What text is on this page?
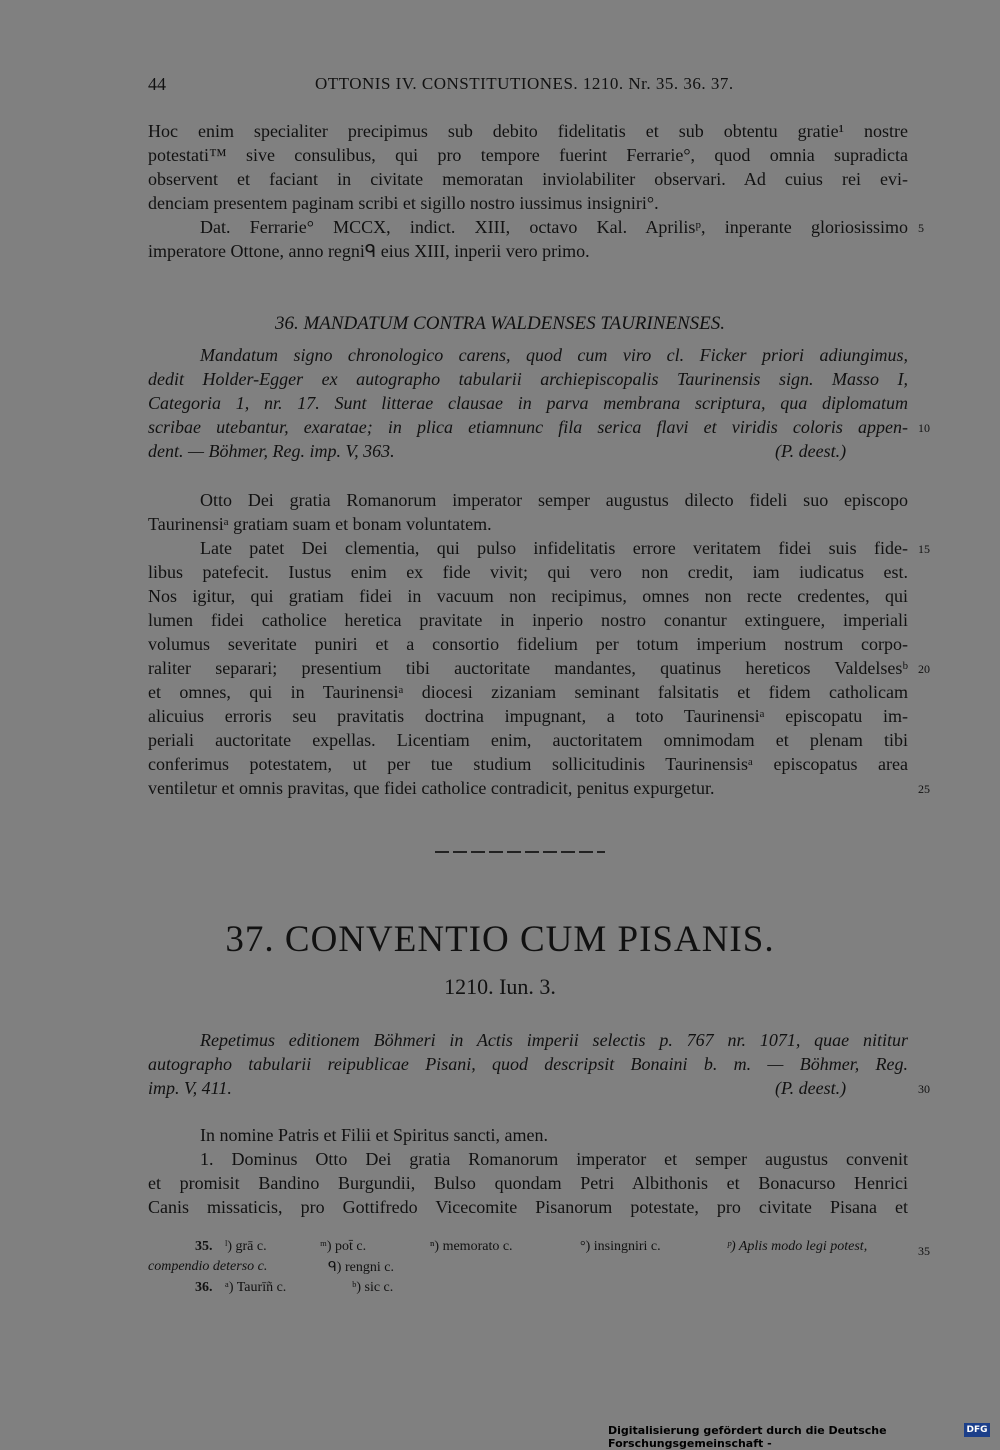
44	OTTONIS IV. CONSTITUTIONES. 1210. Nr. 35. 36. 37.
Hoc enim specialiter precipimus sub debito fidelitatis et sub obtentu gratie¹ nostre
potestati™ sive consulibus, qui pro tempore fuerint Ferrarie°, quod omnia supradicta
observent et faciant in civitate memoratan inviolabiliter observari. Ad cuius rei evi-
denciam presentem paginam scribi et sigillo nostro iussimus insigniri°.
Dat. Ferrarie° MCCX, indict. XIII, octavo Kal. Aprilisᵖ, inperante gloriosissimo
imperatore Ottone, anno regniᑫ eius XIII, inperii vero primo.
36. MANDATUM CONTRA WALDENSES TAURINENSES.
Mandatum signo chronologico carens, quod cum viro cl. Ficker priori adiungimus,
dedit Holder-Egger ex autographo tabularii archiepiscopalis Taurinensis sign. Masso I,
Categoria 1, nr. 17. Sunt litterae clausae in parva membrana scriptura, qua diplomatum
scribae utebantur, exaratae; in plica etiamnunc fila serica flavi et viridis coloris appen-
dent. — Böhmer, Reg. imp. V, 363.	(P. deest.)
Otto Dei gratia Romanorum imperator semper augustus dilecto fideli suo episcopo
Taurinensiᵃ gratiam suam et bonam voluntatem.
Late patet Dei clementia, qui pulso infidelitatis errore veritatem fidei suis fide-
libus patefecit. Iustus enim ex fide vivit; qui vero non credit, iam iudicatus est.
Nos igitur, qui gratiam fidei in vacuum non recipimus, omnes non recte credentes, qui
lumen fidei catholice heretica pravitate in inperio nostro conantur extinguere, imperiali
volumus severitate puniri et a consortio fidelium per totum imperium nostrum corpo-
raliter separari; presentium tibi auctoritate mandantes, quatinus hereticos Valdelsesᵇ
et omnes, qui in Taurinensiᵃ diocesi zizaniam seminant falsitatis et fidem catholicam
alicuius erroris seu pravitatis doctrina impugnant, a toto Taurinensiᵃ episcopatu im-
periali auctoritate expellas. Licentiam enim, auctoritatem omnimodam et plenam tibi
conferimus potestatem, ut per tue studium sollicitudinis Taurinensisᵃ episcopatus area
ventiletur et omnis pravitas, que fidei catholice contradicit, penitus expurgetur.
37. CONVENTIO CUM PISANIS.
1210. Iun. 3.
Repetimus editionem Böhmeri in Actis imperii selectis p. 767 nr. 1071, quae nititur
autographo tabularii reipublicae Pisani, quod descripsit Bonaini b. m. — Böhmer, Reg.
imp. V, 411.	(P. deest.)
In nomine Patris et Filii et Spiritus sancti, amen.
1. Dominus Otto Dei gratia Romanorum imperator et semper augustus convenit
et promisit Bandino Burgundii, Bulso quondam Petri Albithonis et Bonacurso Henrici
Canis missaticis, pro Gottifredo Vicecomite Pisanorum potestate, pro civitate Pisana et
5
10
15
20
25
30
35
35. ˡ) grā c.	ᵐ) pot̄ c.	ⁿ) memorato c.	°) insingniri c.	ᵖ) Aplis modo legi potest,
compendio deterso c.	ᑫ) rengni c.
36. ᵃ) Taurīñ c.	ᵇ) sic c.
Digitalisierung gefördert durch die Deutsche Forschungsgemeinschaft -
DFG
